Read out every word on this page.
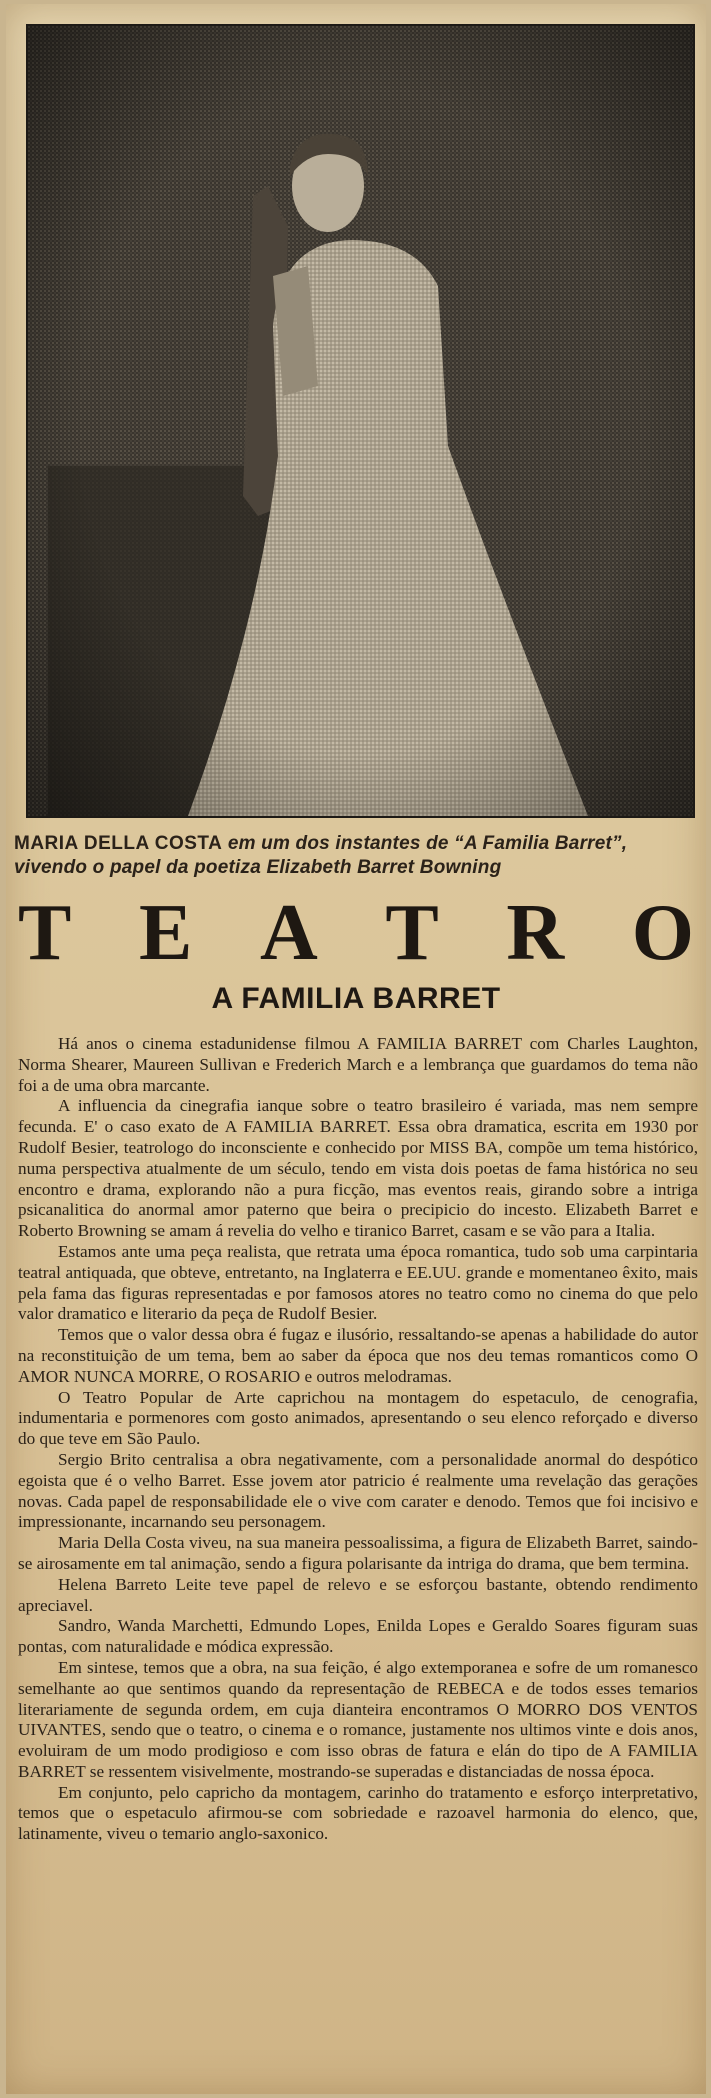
MARIA DELLA COSTA em um dos instantes de “A Familia Barret”, vivendo o papel da poetiza Elizabeth Barret Bowning
T E A T R O
A FAMILIA BARRET

Há anos o cinema estadunidense filmou A FAMILIA BARRET com Charles Laughton, Norma Shearer, Maureen Sullivan e Frederich March e a lembrança que guardamos do tema não foi a de uma obra marcante.

A influencia da cinegrafia ianque sobre o teatro brasileiro é variada, mas nem sempre fecunda. E' o caso exato de A FAMILIA BARRET. Essa obra dramatica, escrita em 1930 por Rudolf Besier, teatrologo do inconsciente e conhecido por MISS BA, compõe um tema histórico, numa perspectiva atualmente de um século, tendo em vista dois poetas de fama histórica no seu encontro e drama, explorando não a pura ficção, mas eventos reais, girando sobre a intriga psicanalitica do anormal amor paterno que beira o precipicio do incesto. Elizabeth Barret e Roberto Browning se amam á revelia do velho e tiranico Barret, casam e se vão para a Italia.

Estamos ante uma peça realista, que retrata uma época romantica, tudo sob uma carpintaria teatral antiquada, que obteve, entretanto, na Inglaterra e EE.UU. grande e momentaneo êxito, mais pela fama das figuras representadas e por famosos atores no teatro como no cinema do que pelo valor dramatico e literario da peça de Rudolf Besier.

Temos que o valor dessa obra é fugaz e ilusório, ressaltando-se apenas a habilidade do autor na reconstituição de um tema, bem ao saber da época que nos deu temas romanticos como O AMOR NUNCA MORRE, O ROSARIO e outros melodramas.

O Teatro Popular de Arte caprichou na montagem do espetaculo, de cenografia, indumentaria e pormenores com gosto animados, apresentando o seu elenco reforçado e diverso do que teve em São Paulo.

Sergio Brito centralisa a obra negativamente, com a personalidade anormal do despótico egoista que é o velho Barret. Esse jovem ator patricio é realmente uma revelação das gerações novas. Cada papel de responsabilidade ele o vive com carater e denodo. Temos que foi incisivo e impressionante, incarnando seu personagem.

Maria Della Costa viveu, na sua maneira pessoalissima, a figura de Elizabeth Barret, saindo-se airosamente em tal animação, sendo a figura polarisante da intriga do drama, que bem termina.

Helena Barreto Leite teve papel de relevo e se esforçou bastante, obtendo rendimento apreciavel.

Sandro, Wanda Marchetti, Edmundo Lopes, Enilda Lopes e Geraldo Soares figuram suas pontas, com naturalidade e módica expressão.

Em sintese, temos que a obra, na sua feição, é algo extemporanea e sofre de um romanesco semelhante ao que sentimos quando da representação de REBECA e de todos esses temarios literariamente de segunda ordem, em cuja dianteira encontramos O MORRO DOS VENTOS UIVANTES, sendo que o teatro, o cinema e o romance, justamente nos ultimos vinte e dois anos, evoluiram de um modo prodigioso e com isso obras de fatura e elán do tipo de A FAMILIA BARRET se ressentem visivelmente, mostrando-se superadas e distanciadas de nossa época.

Em conjunto, pelo capricho da montagem, carinho do tratamento e esforço interpretativo, temos que o espetaculo afirmou-se com sobriedade e razoavel harmonia do elenco, que, latinamente, viveu o temario anglo-saxonico.
